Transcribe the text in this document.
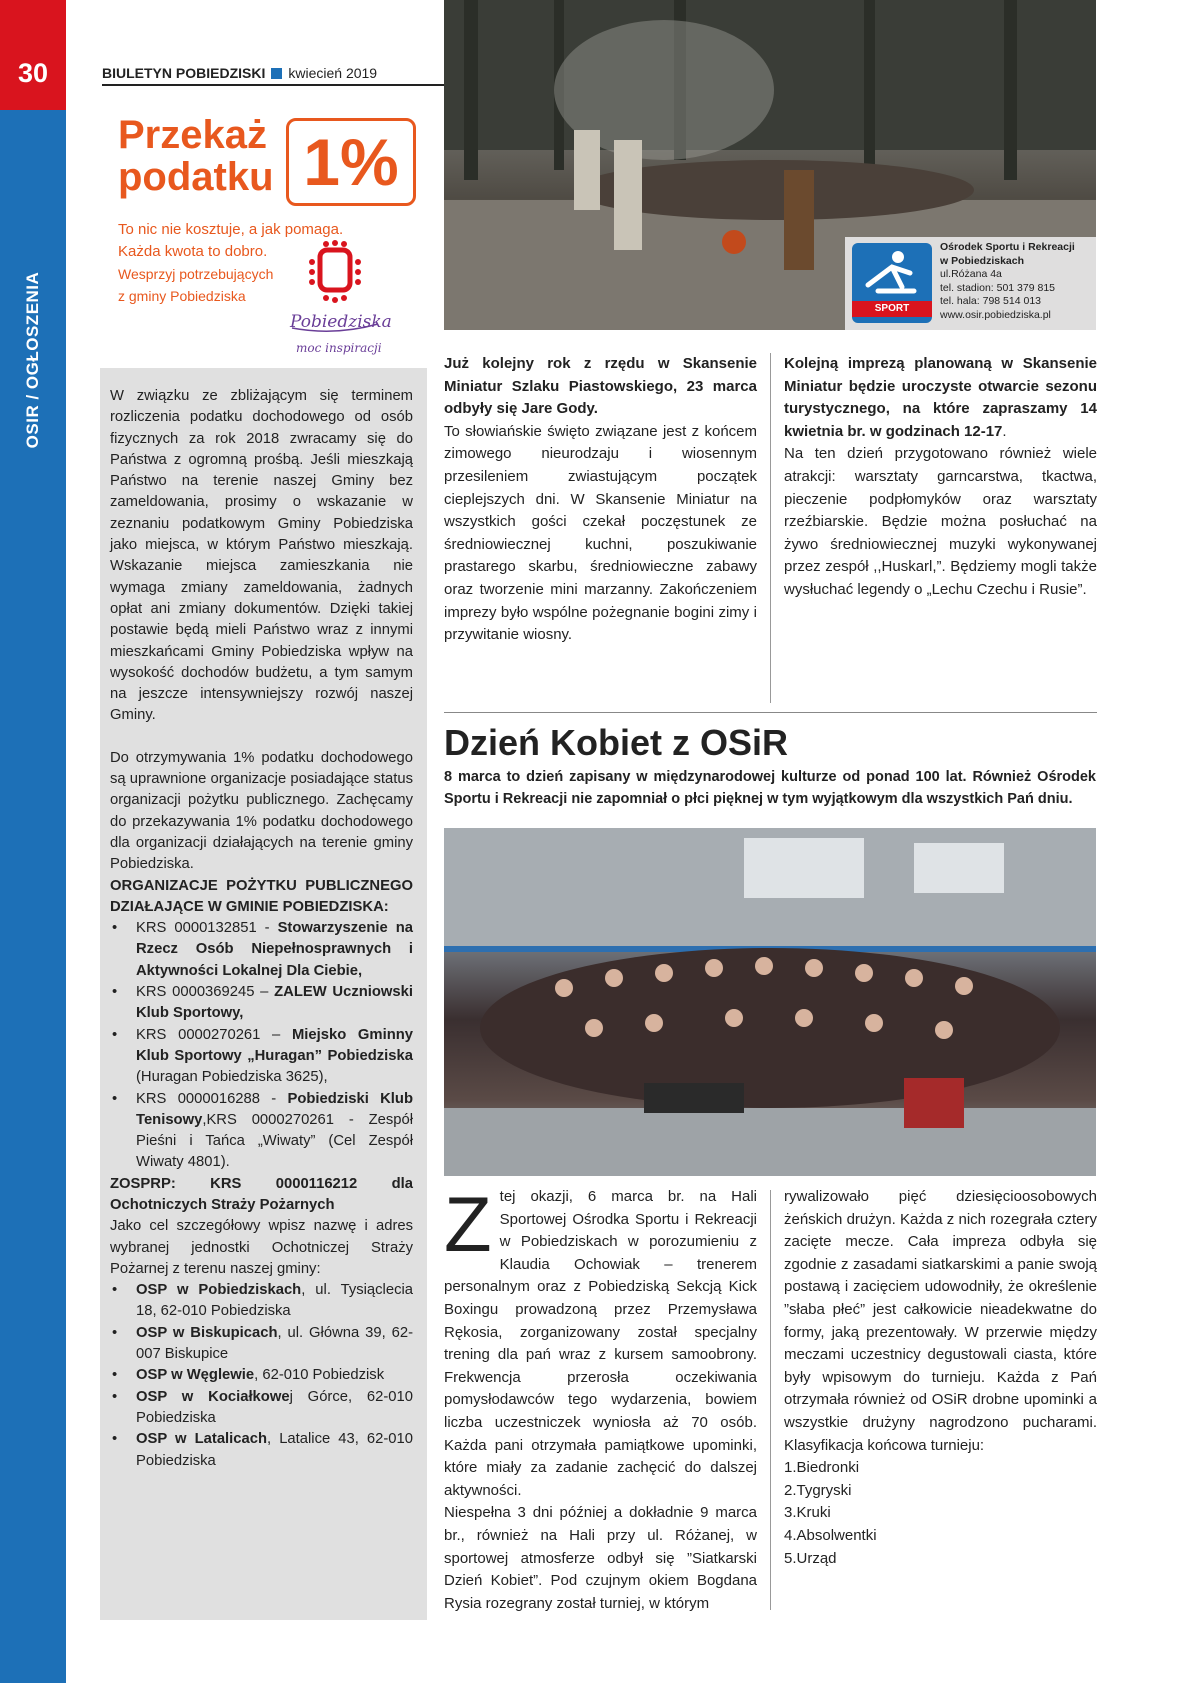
30
OSIR / OGŁOSZENIA
BIULETYN POBIEDZISKI kwiecień 2019
Przekaż
podatku 1%
To nic nie kosztuje, a jak pomaga.
Każda kwota to dobro.
Wesprzyj potrzebujących
z gminy Pobiedziska
Pobiedziska
moc inspiracji

W związku ze zbliżającym się terminem rozliczenia podatku dochodowego od osób fizycznych za rok 2018 zwracamy się do Państwa z ogromną prośbą. Jeśli mieszkają Państwo na terenie naszej Gminy bez zameldowania, prosimy o wskazanie w zeznaniu podatkowym Gminy Pobiedziska jako miejsca, w którym Państwo mieszkają. Wskazanie miejsca zamieszkania nie wymaga zmiany zameldowania, żadnych opłat ani zmiany dokumentów. Dzięki takiej postawie będą mieli Państwo wraz z innymi mieszkańcami Gminy Pobiedziska wpływ na wysokość dochodów budżetu, a tym samym na jeszcze intensywniejszy rozwój naszej Gminy.

Do otrzymywania 1% podatku dochodowego są uprawnione organizacje posiadające status organizacji pożytku publicznego. Zachęcamy do przekazywania 1% podatku dochodowego dla organizacji działających na terenie gminy Pobiedziska.

ORGANIZACJE POŻYTKU PUBLICZNEGO DZIAŁAJĄCE W GMINIE POBIEDZISKA:

• KRS 0000132851 - Stowarzyszenie na Rzecz Osób Niepełnosprawnych i Aktywności Lokalnej Dla Ciebie,
• KRS 0000369245 – ZALEW Uczniowski Klub Sportowy,
• KRS 0000270261 – Miejsko Gminny Klub Sportowy „Huragan” Pobiedziska (Huragan Pobiedziska 3625),
• KRS 0000016288 - Pobiedziski Klub Tenisowy,KRS 0000270261 - Zespół Pieśni i Tańca „Wiwaty” (Cel Zespół Wiwaty 4801).

ZOSPRP: KRS 0000116212 dla Ochotniczych Straży Pożarnych

Jako cel szczegółowy wpisz nazwę i adres wybranej jednostki Ochotniczej Straży Pożarnej z terenu naszej gminy:

• OSP w Pobiedziskach, ul. Tysiąclecia 18, 62-010 Pobiedziska
• OSP w Biskupicach, ul. Główna 39, 62-007 Biskupice
• OSP w Węglewie, 62-010 Pobiedzisk
• OSP w Kociałkowej Górce, 62-010 Pobiedziska
• OSP w Latalicach, Latalice 43, 62-010 Pobiedziska
SPORT
Ośrodek Sportu i Rekreacji
w Pobiedziskach
ul.Różana 4a
tel. stadion: 501 379 815
tel. hala: 798 514 013
www.osir.pobiedziska.pl

Już kolejny rok z rzędu w Skansenie Miniatur Szlaku Piastowskiego, 23 marca odbyły się Jare Gody.

To słowiańskie święto związane jest z końcem zimowego nieurodzaju i wiosennym przesileniem zwiastującym początek cieplejszych dni. W Skansenie Miniatur na wszystkich gości czekał poczęstunek ze średniowiecznej kuchni, poszukiwanie prastarego skarbu, średniowieczne zabawy oraz tworzenie mini marzanny. Zakończeniem imprezy było wspólne pożegnanie bogini zimy i przywitanie wiosny.

Kolejną imprezą planowaną w Skansenie Miniatur będzie uroczyste otwarcie sezonu turystycznego, na które zapraszamy 14 kwietnia br. w godzinach 12-17.

Na ten dzień przygotowano również wiele atrakcji: warsztaty garncarstwa, tkactwa, pieczenie podpłomyków oraz warsztaty rzeźbiarskie. Będzie można posłuchać na żywo średniowiecznej muzyki wykonywanej przez zespół ,,Huskarl,”. Będziemy mogli także wysłuchać legendy o „Lechu Czechu i Rusie”.

Dzień Kobiet z OSiR
8 marca to dzień zapisany w międzynarodowej kulturze od ponad 100 lat. Również Ośrodek Sportu i Rekreacji nie zapomniał o płci pięknej w tym wyjątkowym dla wszystkich Pań dniu.

Ztej okazji, 6 marca br. na Hali Sportowej Ośrodka Sportu i Rekreacji w Pobiedziskach w porozumieniu z Klaudia Ochowiak – trenerem personalnym oraz z Pobiedziską Sekcją Kick Boxingu prowadzoną przez Przemysława Rękosia, zorganizowany został specjalny trening dla pań wraz z kursem samoobrony. Frekwencja przerosła oczekiwania pomysłodawców tego wydarzenia, bowiem liczba uczestniczek wyniosła aż 70 osób. Każda pani otrzymała pamiątkowe upominki, które miały za zadanie zachęcić do dalszej aktywności.

Niespełna 3 dni później a dokładnie 9 marca br., również na Hali przy ul. Różanej, w sportowej atmosferze odbył się ”Siatkarski Dzień Kobiet”. Pod czujnym okiem Bogdana Rysia rozegrany został turniej, w którym

rywalizowało pięć dziesięcioosobowych żeńskich drużyn. Każda z nich rozegrała cztery zacięte mecze. Cała impreza odbyła się zgodnie z zasadami siatkarskimi a panie swoją postawą i zacięciem udowodniły, że określenie ”słaba płeć” jest całkowicie nieadekwatne do formy, jaką prezentowały. W przerwie między meczami uczestnicy degustowali ciasta, które były wpisowym do turnieju. Każda z Pań otrzymała również od OSiR drobne upominki a wszystkie drużyny nagrodzono pucharami. Klasyfikacja końcowa turnieju:

1.Biedronki
2.Tygryski
3.Kruki
4.Absolwentki
5.Urząd
